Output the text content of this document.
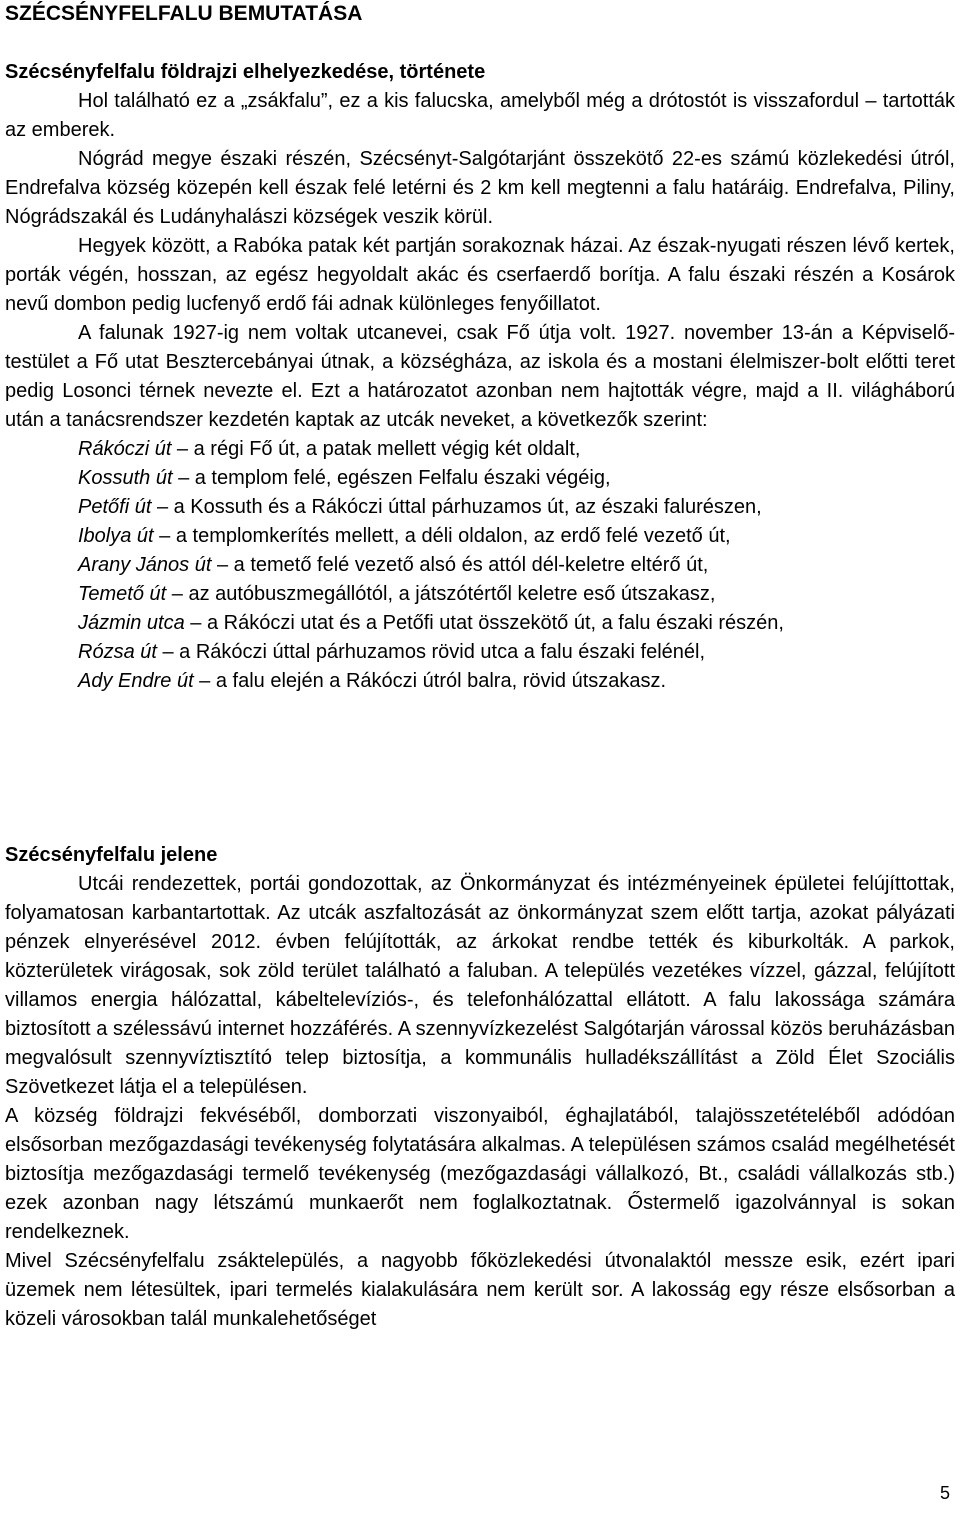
SZÉCSÉNYFELFALU BEMUTATÁSA
Szécsényfelfalu földrajzi elhelyezkedése, története

Hol található ez a „zsákfalu”, ez a kis falucska, amelyből még a drótostót is visszafordul – tartották az emberek.

Nógrád megye északi részén, Szécsényt-Salgótarjánt összekötő 22-es számú közlekedési útról, Endrefalva község közepén kell észak felé letérni és 2 km kell megtenni a falu határáig. Endrefalva, Piliny, Nógrádszakál és Ludányhalászi községek veszik körül.

Hegyek között, a Rabóka patak két partján sorakoznak házai. Az észak-nyugati részen lévő kertek, porták végén, hosszan, az egész hegyoldalt akác és cserfaerdő borítja. A falu északi részén a Kosárok nevű dombon pedig lucfenyő erdő fái adnak különleges fenyőillatot.

A falunak 1927-ig nem voltak utcanevei, csak Fő útja volt. 1927. november 13-án a Képviselő-testület a Fő utat Besztercebányai útnak, a községháza, az iskola és a mostani élelmiszer-bolt előtti teret pedig Losonci térnek nevezte el. Ezt a határozatot azonban nem hajtották végre, majd a II. világháború után a tanácsrendszer kezdetén kaptak az utcák neveket, a következők szerint:

Rákóczi út – a régi Fő út, a patak mellett végig két oldalt,
Kossuth út – a templom felé, egészen Felfalu északi végéig,
Petőfi út – a Kossuth és a Rákóczi úttal párhuzamos út, az északi falurészen,
Ibolya út – a templomkerítés mellett, a déli oldalon, az erdő felé vezető út,
Arany János út – a temető felé vezető alsó és attól dél-keletre eltérő út,
Temető út – az autóbuszmegállótól, a játszótértől keletre eső útszakasz,
Jázmin utca – a Rákóczi utat és a Petőfi utat összekötő út, a falu északi részén,
Rózsa út – a Rákóczi úttal párhuzamos rövid utca a falu északi felénél,
Ady Endre út – a falu elején a Rákóczi útról balra, rövid útszakasz.
Szécsényfelfalu jelene

Utcái rendezettek, portái gondozottak, az Önkormányzat és intézményeinek épületei felújíttottak, folyamatosan karbantartottak. Az utcák aszfaltozását az önkormányzat szem előtt tartja, azokat pályázati pénzek elnyerésével 2012. évben felújították, az árkokat rendbe tették és kiburkolták. A parkok, közterületek virágosak, sok zöld terület található a faluban. A település vezetékes vízzel, gázzal, felújított villamos energia hálózattal, kábeltelevíziós-, és telefonhálózattal ellátott. A falu lakossága számára biztosított a szélessávú internet hozzáférés. A szennyvízkezelést Salgótarján várossal közös beruházásban megvalósult szennyvíztisztító telep biztosítja, a kommunális hulladékszállítást a Zöld Élet Szociális Szövetkezet látja el a településen.

A község földrajzi fekvéséből, domborzati viszonyaiból, éghajlatából, talajösszetételéből adódóan elsősorban mezőgazdasági tevékenység folytatására alkalmas. A településen számos család megélhetését biztosítja mezőgazdasági termelő tevékenység (mezőgazdasági vállalkozó, Bt., családi vállalkozás stb.) ezek azonban nagy létszámú munkaerőt nem foglalkoztatnak. Őstermelő igazolvánnyal is sokan rendelkeznek.

Mivel Szécsényfelfalu zsáktelepülés, a nagyobb főközlekedési útvonalaktól messze esik, ezért ipari üzemek nem létesültek, ipari termelés kialakulására nem került sor. A lakosság egy része elsősorban a közeli városokban talál munkalehetőséget

5
